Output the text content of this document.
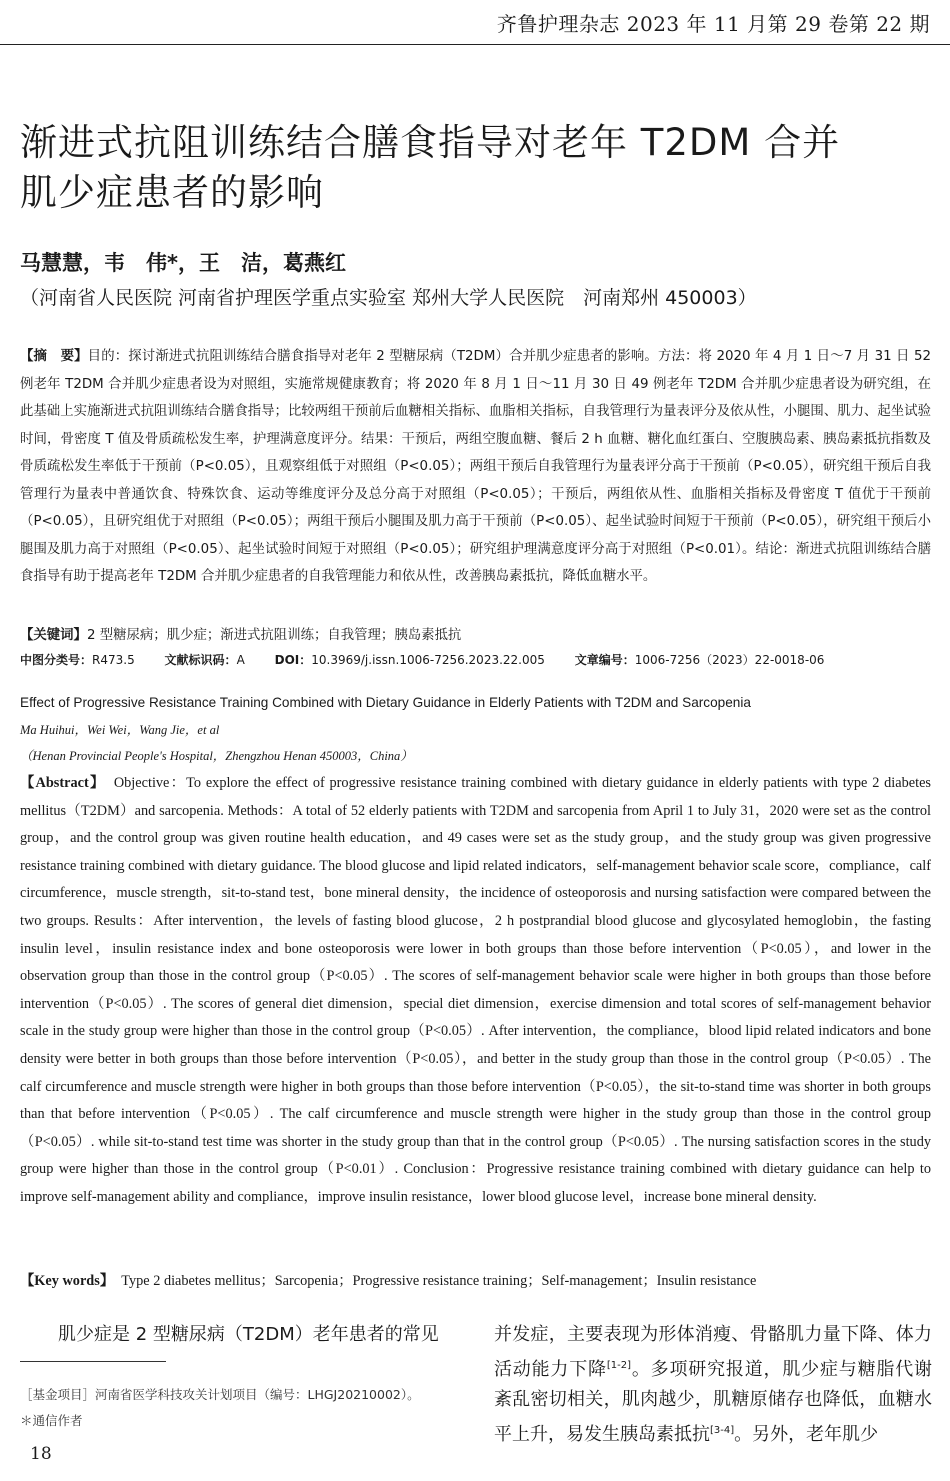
齐鲁护理杂志 2023 年 11 月第 29 卷第 22 期
渐进式抗阻训练结合膳食指导对老年 T2DM 合并
肌少症患者的影响
马慧慧，韦　伟*，王　洁，葛燕红
（河南省人民医院 河南省护理医学重点实验室 郑州大学人民医院　河南郑州 450003）
【摘　要】目的：探讨渐进式抗阻训练结合膳食指导对老年 2 型糖尿病（T2DM）合并肌少症患者的影响。方法：将 2020 年 4 月 1 日～7 月 31 日 52 例老年 T2DM 合并肌少症患者设为对照组，实施常规健康教育；将 2020 年 8 月 1 日～11 月 30 日 49 例老年 T2DM 合并肌少症患者设为研究组，在此基础上实施渐进式抗阻训练结合膳食指导；比较两组干预前后血糖相关指标、血脂相关指标，自我管理行为量表评分及依从性，小腿围、肌力、起坐试验时间，骨密度 T 值及骨质疏松发生率，护理满意度评分。结果：干预后，两组空腹血糖、餐后 2 h 血糖、糖化血红蛋白、空腹胰岛素、胰岛素抵抗指数及骨质疏松发生率低于干预前（P<0.05），且观察组低于对照组（P<0.05）；两组干预后自我管理行为量表评分高于干预前（P<0.05），研究组干预后自我管理行为量表中普通饮食、特殊饮食、运动等维度评分及总分高于对照组（P<0.05）；干预后，两组依从性、血脂相关指标及骨密度 T 值优于干预前（P<0.05），且研究组优于对照组（P<0.05）；两组干预后小腿围及肌力高于干预前（P<0.05）、起坐试验时间短于干预前（P<0.05），研究组干预后小腿围及肌力高于对照组（P<0.05）、起坐试验时间短于对照组（P<0.05）；研究组护理满意度评分高于对照组（P<0.01）。结论：渐进式抗阻训练结合膳食指导有助于提高老年 T2DM 合并肌少症患者的自我管理能力和依从性，改善胰岛素抵抗，降低血糖水平。
【关键词】2 型糖尿病；肌少症；渐进式抗阻训练；自我管理；胰岛素抵抗
中图分类号：R473.5 文献标识码：A DOI：10.3969/j.issn.1006-7256.2023.22.005 文章编号：1006-7256（2023）22-0018-06
Effect of Progressive Resistance Training Combined with Dietary Guidance in Elderly Patients with T2DM and Sarcopenia
Ma Huihui，Wei Wei，Wang Jie，et al
（Henan Provincial People's Hospital，Zhengzhou Henan 450003，China）
【Abstract】　Objective：To explore the effect of progressive resistance training combined with dietary guidance in elderly patients with type 2 diabetes mellitus（T2DM）and sarcopenia. Methods：A total of 52 elderly patients with T2DM and sarcopenia from April 1 to July 31，2020 were set as the control group，and the control group was given routine health education，and 49 cases were set as the study group，and the study group was given progressive resistance training combined with dietary guidance. The blood glucose and lipid related indicators，self-management behavior scale score，compliance，calf circumference，muscle strength，sit-to-stand test，bone mineral density，the incidence of osteoporosis and nursing satisfaction were compared between the two groups. Results：After intervention，the levels of fasting blood glucose，2 h postprandial blood glucose and glycosylated hemoglobin，the fasting insulin level，insulin resistance index and bone osteoporosis were lower in both groups than those before intervention（P<0.05），and lower in the observation group than those in the control group（P<0.05）. The scores of self-management behavior scale were higher in both groups than those before intervention（P<0.05）. The scores of general diet dimension，special diet dimension，exercise dimension and total scores of self-management behavior scale in the study group were higher than those in the control group（P<0.05）. After intervention，the compliance，blood lipid related indicators and bone density were better in both groups than those before intervention（P<0.05），and better in the study group than those in the control group（P<0.05）. The calf circumference and muscle strength were higher in both groups than those before intervention（P<0.05），the sit-to-stand time was shorter in both groups than that before intervention（P<0.05）. The calf circumference and muscle strength were higher in the study group than those in the control group（P<0.05）. while sit-to-stand test time was shorter in the study group than that in the control group（P<0.05）. The nursing satisfaction scores in the study group were higher than those in the control group（P<0.01）. Conclusion：Progressive resistance training combined with dietary guidance can help to improve self-management ability and compliance，improve insulin resistance，lower blood glucose level，increase bone mineral density.
【Key words】　Type 2 diabetes mellitus；Sarcopenia；Progressive resistance training；Self-management；Insulin resistance
肌少症是 2 型糖尿病（T2DM）老年患者的常见
［基金项目］河南省医学科技攻关计划项目（编号：LHGJ20210002）。
＊通信作者
18
并发症，主要表现为形体消瘦、骨骼肌力量下降、体力活动能力下降[1-2]。多项研究报道，肌少症与糖脂代谢紊乱密切相关，肌肉越少，肌糖原储存也降低，血糖水平上升，易发生胰岛素抵抗[3-4]。另外，老年肌少
